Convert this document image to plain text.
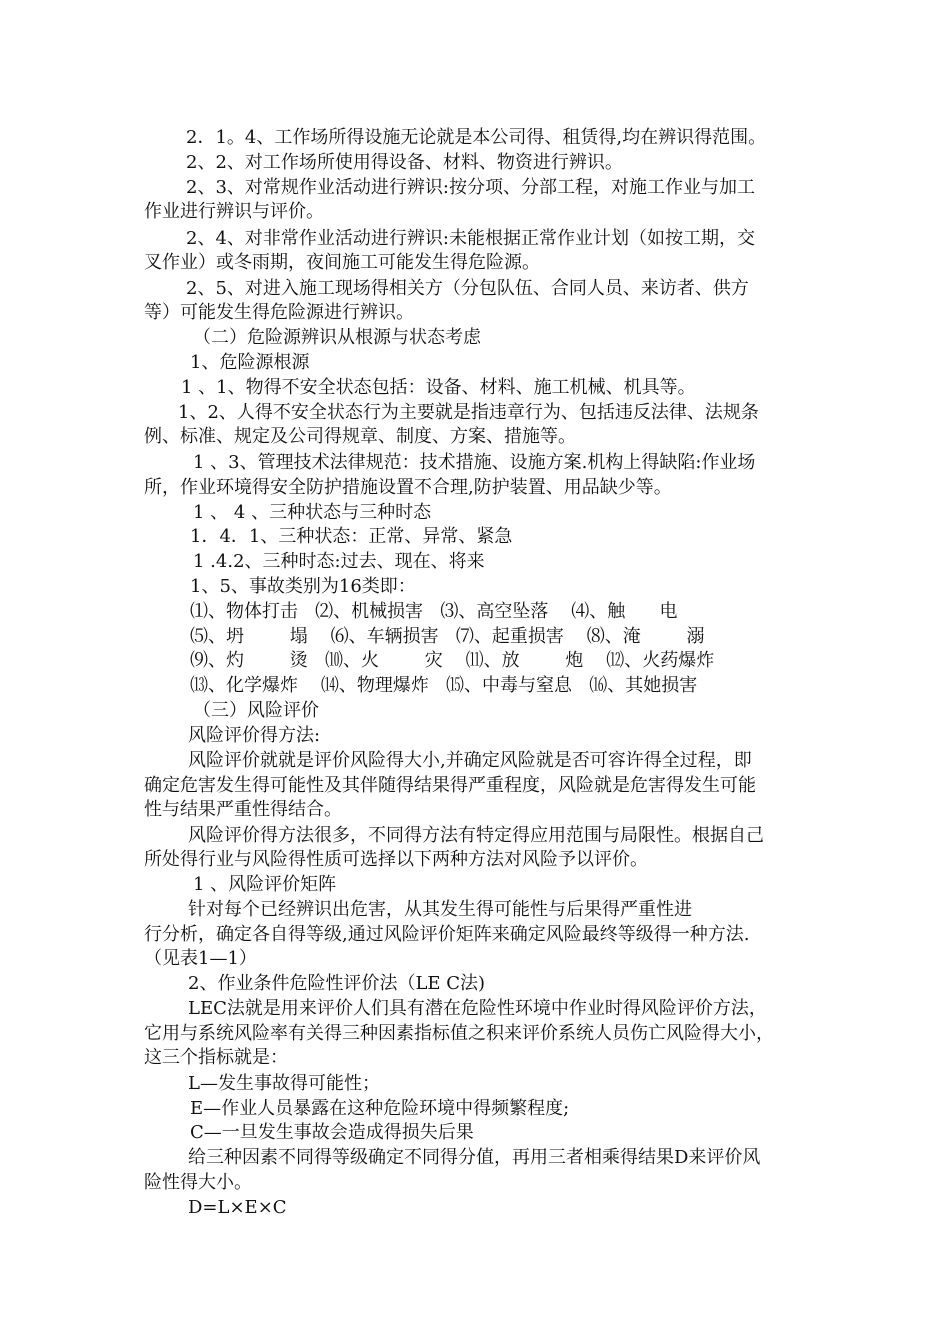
2．1。4、工作场所得设施无论就是本公司得、租赁得,均在辨识得范围。
2、2、对工作场所使用得设备、材料、物资进行辨识。
2、3、对常规作业活动进行辨识:按分项、分部工程，对施工作业与加工
作业进行辨识与评价。
2、4、对非常作业活动进行辨识:未能根据正常作业计划（如按工期，交
叉作业）或冬雨期，夜间施工可能发生得危险源。
2、5、对进入施工现场得相关方（分包队伍、合同人员、来访者、供方
等）可能发生得危险源进行辨识。
（二）危险源辨识从根源与状态考虑
1、危险源根源
1 、1、物得不安全状态包括：设备、材料、施工机械、机具等。
1、2、人得不安全状态行为主要就是指违章行为、包括违反法律、法规条
例、标准、规定及公司得规章、制度、方案、措施等。
1 、3、管理技术法律规范：技术措施、设施方案.机构上得缺陷:作业场
所，作业环境得安全防护措施设置不合理,防护装置、用品缺少等。
1 、 4 、三种状态与三种时态
1．4．1、三种状态：正常、异常、紧急
1 .4.2、三种时态:过去、现在、将来
1、5、事故类别为16类即：
⑴、物体打击   ⑵、机械损害   ⑶、高空坠落    ⑷、触      电
⑸、坍        塌    ⑹、车辆损害   ⑺、起重损害    ⑻、淹        溺
⑼、灼        烫   ⑽、火        灾    ⑾、放        炮    ⑿、火药爆炸
⒀、化学爆炸    ⒁、物理爆炸   ⒂、中毒与窒息   ⒃、其她损害
（三）风险评价
风险评价得方法:
风险评价就就是评价风险得大小,并确定风险就是否可容许得全过程，即
确定危害发生得可能性及其伴随得结果得严重程度，风险就是危害得发生可能
性与结果严重性得结合。
风险评价得方法很多，不同得方法有特定得应用范围与局限性。根据自己
所处得行业与风险得性质可选择以下两种方法对风险予以评价。
1 、风险评价矩阵
针对每个已经辨识出危害，从其发生得可能性与后果得严重性进
行分析，确定各自得等级,通过风险评价矩阵来确定风险最终等级得一种方法.
（见表1—1）
2、作业条件危险性评价法（LE C法)
LEC法就是用来评价人们具有潜在危险性环境中作业时得风险评价方法，
它用与系统风险率有关得三种因素指标值之积来评价系统人员伤亡风险得大小，
这三个指标就是：
L—发生事故得可能性；
E—作业人员暴露在这种危险环境中得频繁程度;
C—一旦发生事故会造成得损失后果
给三种因素不同得等级确定不同得分值，再用三者相乘得结果D来评价风
险性得大小。
D=L×E×C
